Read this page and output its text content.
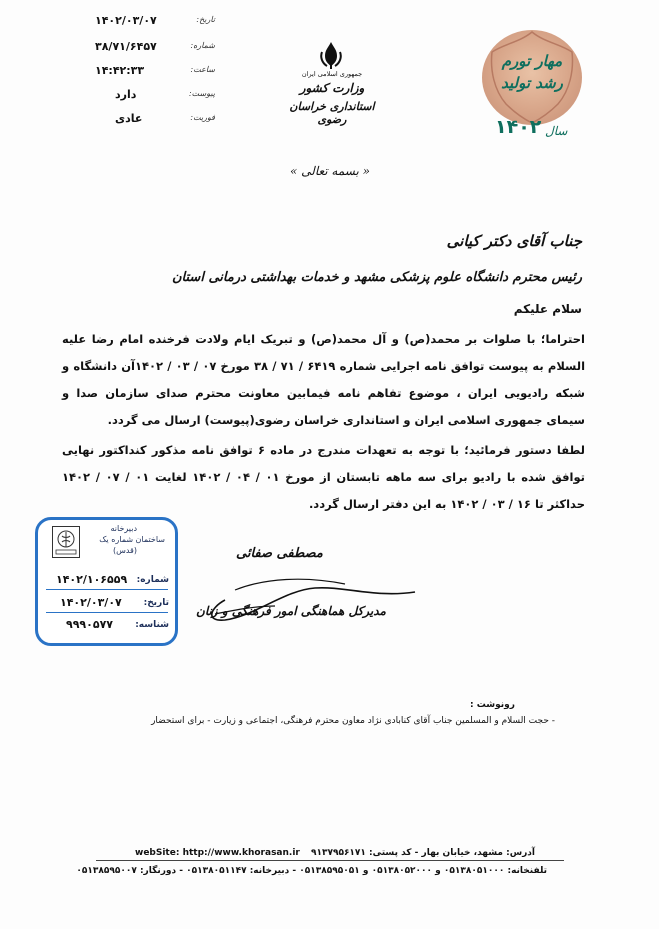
۱۴۰۲/۰۳/۰۷	تاریخ:
۳۸/۷۱/۶۴۵۷	شماره:
۱۴:۴۲:۳۳	ساعت:
دارد	پیوست:
عادی	فوریت:
جمهوری اسلامی ایران
وزارت کشور
استانداری خراسان رضوی
مهار تورم
رشد تولید
۱۴۰۲ سال
« بسمه تعالی »
جناب آقای دکتر کیانی
رئیس محترم دانشگاه علوم پزشکی مشهد و خدمات بهداشتی درمانی استان
سلام علیکم
احتراما؛ با صلوات بر محمد(ص) و آل محمد(ص) و تبریک ایام ولادت فرخنده امام رضا علیه السلام به پیوست توافق نامه اجرایی شماره ۶۴۱۹ / ۷۱ / ۳۸ مورخ ۰۷ / ۰۳ / ۱۴۰۲آن دانشگاه و شبکه رادیویی ایران ، موضوع تفاهم نامه فیمابین معاونت محترم صدای سازمان صدا و سیمای جمهوری اسلامی ایران و استانداری خراسان رضوی(پیوست) ارسال می گردد.
لطفا دستور فرمائید؛ با توجه به تعهدات مندرج در ماده ۶ توافق نامه مذکور کنداکتور نهایی توافق شده با رادیو برای سه ماهه تابستان از مورخ ۰۱ / ۰۴ / ۱۴۰۲ لغایت ۰۱ / ۰۷ / ۱۴۰۲ حداکثر تا ۱۶ / ۰۳ / ۱۴۰۲ به این دفتر ارسال گردد.
دبیرخانه
ساختمان شماره یک
(قدس)
شماره:
۱۴۰۲/۱۰۶۵۵۹
تاریخ:
۱۴۰۲/۰۳/۰۷
شناسه:
۹۹۹۰۵۷۷
مصطفی صفائی
مدیرکل هماهنگی امور فرهنگی و زنان
رونوشت :
- حجت السلام و المسلمین جناب آقای کنابادی نژاد معاون محترم فرهنگی، اجتماعی و زیارت - برای استحضار
webSite: http://www.khorasan.ir آدرس: مشهد، خیابان بهار - کد پستی: ۹۱۳۷۹۵۶۱۷۱
تلفنخانه: ۰۵۱۳۸۰۵۱۰۰۰ و ۰۵۱۳۸۰۵۲۰۰۰ و ۰۵۱۳۸۵۹۵۰۵۱ - دبیرخانه: ۰۵۱۳۸۰۵۱۱۴۷ - دورنگار: ۰۵۱۳۸۵۹۵۰۰۷
